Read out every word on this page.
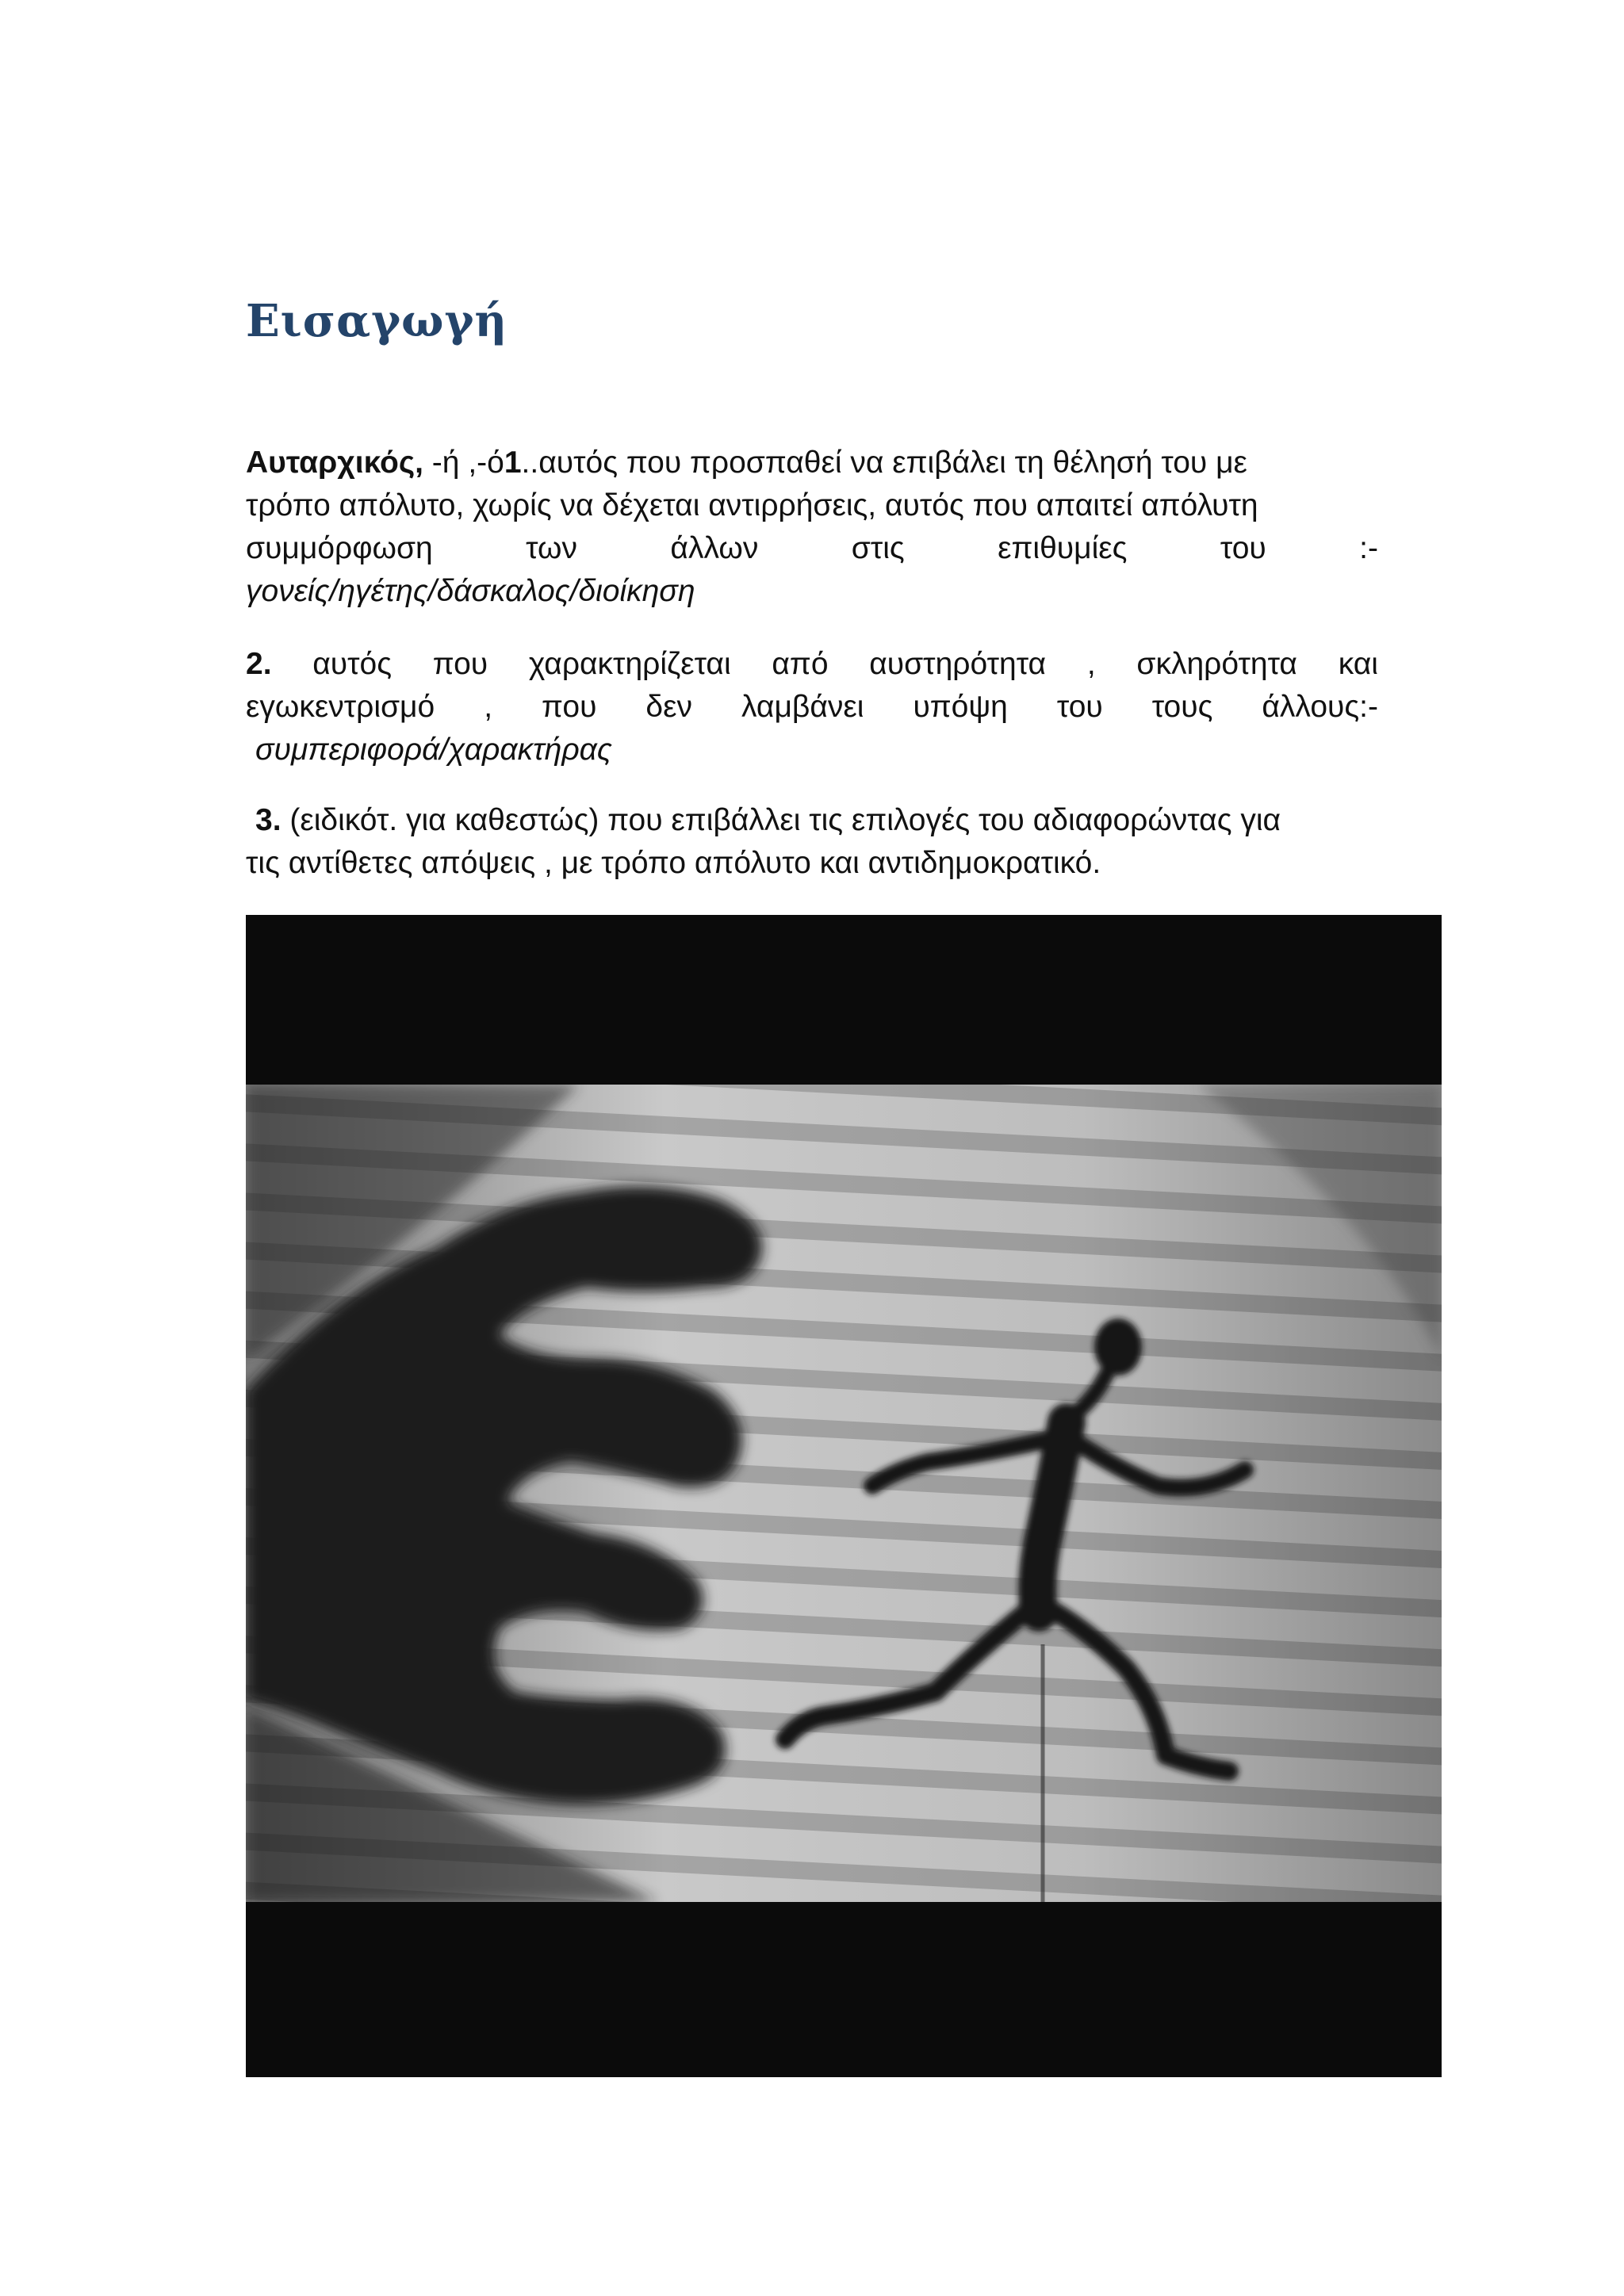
Εισαγωγή
Αυταρχικός, -ή ,-ό1..αυτός που προσπαθεί να επιβάλει τη θέλησή του με
τρόπο απόλυτο, χωρίς να δέχεται αντιρρήσεις, αυτός που απαιτεί απόλυτη
συμμόρφωση	των	άλλων	στις	επιθυμίες	του	:-
γονείς/ηγέτης/δάσκαλος/διοίκηση
2. αυτός που χαρακτηρίζεται από αυστηρότητα , σκληρότητα και
εγωκεντρισμό , που δεν λαμβάνει υπόψη του τους άλλους:-
συμπεριφορά/χαρακτήρας
3. (ειδικότ. για καθεστώς) που επιβάλλει τις επιλογές του αδιαφορώντας για
τις αντίθετες απόψεις , με τρόπο απόλυτο και αντιδημοκρατικό.
